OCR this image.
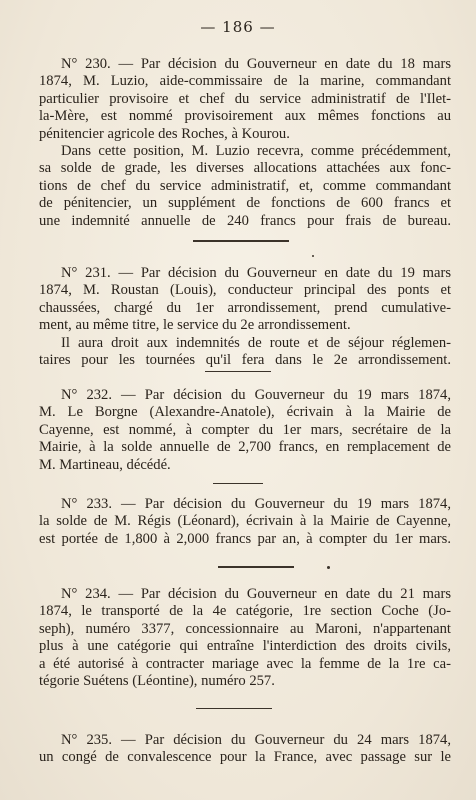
— 186 —
N° 230. — Par décision du Gouverneur en date du 18 mars
1874, M. Luzio, aide-commissaire de la marine, commandant
particulier provisoire et chef du service administratif de l'Ilet-
la-Mère, est nommé provisoirement aux mêmes fonctions au
pénitencier agricole des Roches, à Kourou.
Dans cette position, M. Luzio recevra, comme précédemment,
sa solde de grade, les diverses allocations attachées aux fonc-
tions de chef du service administratif, et, comme commandant
de pénitencier, un supplément de fonctions de 600 francs et
une indemnité annuelle de 240 francs pour frais de bureau.
N° 231. — Par décision du Gouverneur en date du 19 mars
1874, M. Roustan (Louis), conducteur principal des ponts et
chaussées, chargé du 1er arrondissement, prend cumulative-
ment, au même titre, le service du 2e arrondissement.
Il aura droit aux indemnités de route et de séjour réglemen-
taires pour les tournées qu'il fera dans le 2e arrondissement.
N° 232. — Par décision du Gouverneur du 19 mars 1874,
M. Le Borgne (Alexandre-Anatole), écrivain à la Mairie de
Cayenne, est nommé, à compter du 1er mars, secrétaire de la
Mairie, à la solde annuelle de 2,700 francs, en remplacement de
M. Martineau, décédé.
N° 233. — Par décision du Gouverneur du 19 mars 1874,
la solde de M. Régis (Léonard), écrivain à la Mairie de Cayenne,
est portée de 1,800 à 2,000 francs par an, à compter du 1er mars.
N° 234. — Par décision du Gouverneur en date du 21 mars
1874, le transporté de la 4e catégorie, 1re section Coche (Jo-
seph), numéro 3377, concessionnaire au Maroni, n'appartenant
plus à une catégorie qui entraîne l'interdiction des droits civils,
a été autorisé à contracter mariage avec la femme de la 1re ca-
tégorie Suétens (Léontine), numéro 257.
N° 235. — Par décision du Gouverneur du 24 mars 1874,
un congé de convalescence pour la France, avec passage sur le
